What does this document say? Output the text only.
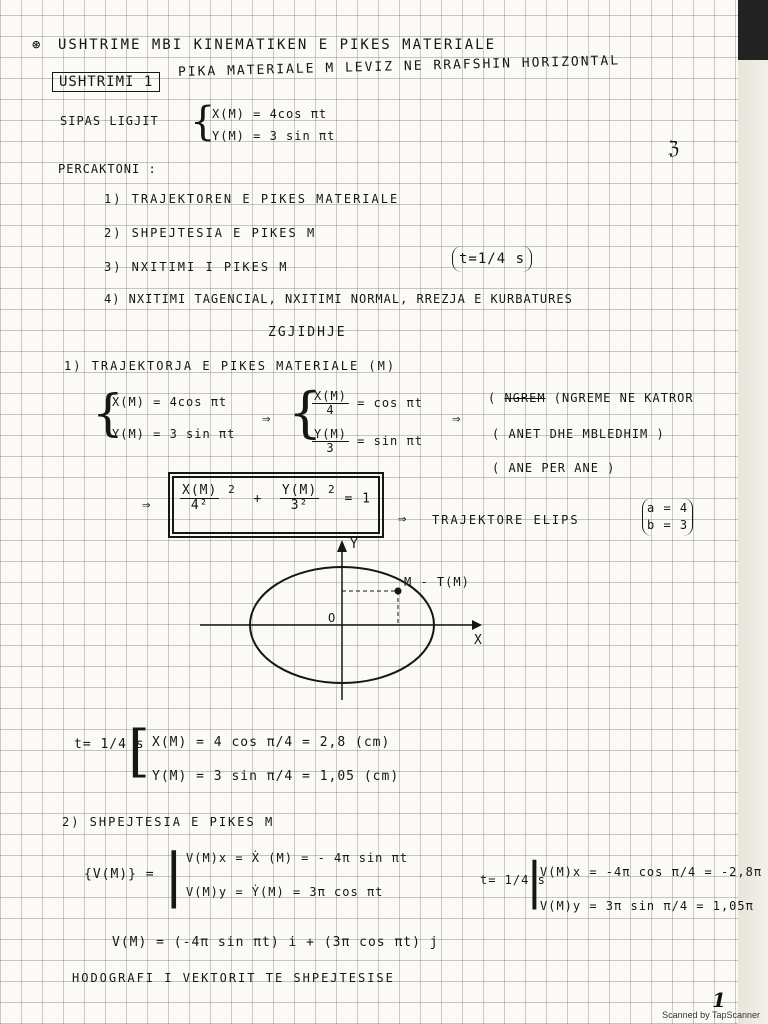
⊛ USHTRIME MBI KINEMATIKEN E PIKES MATERIALE
USHTRIMI 1
PIKA MATERIALE M LEVIZ NE RRAFSHIN HORIZONTAL
SIPAS LIGJIT {
X(M) = 4cos πt
Y(M) = 3 sin πt
ℨ
PERCAKTONI :
1) TRAJEKTOREN E PIKES MATERIALE
2) SHPEJTESIA E PIKES M
3) NXITIMI I PIKES M
4) NXITIMI TAGENCIAL, NXITIMI NORMAL, RREZJA E KURBATURES
t=1/4 s
ZGJIDHJE
1) TRAJEKTORJA E PIKES MATERIALE (M)
{
X(M) = 4cos πt
Y(M) = 3 sin πt
⇒ {
$\frac{X(M)}{4} = \cos \pi t$
$\frac{Y(M)}{3} = \sin \pi t$
⇒
( NGREM (NGREME NE KATROR
( ANET DHE MBLEDHIM )
( ANE PER ANE )
⇒ $\frac{X(M)}{\text{4²}} ^2 + \frac{Y(M)}{\text{3²}} ^2 = 1$
⇒ TRAJEKTORE ELIPS
a = 4
b = 3
Y
X
O
M - T(M)
t= 1/4 s
[ X(M) = 4 cos π/4 = 2,8 (cm)
Y(M) = 3 sin π/4 = 1,05 (cm)
2) SHPEJTESIA E PIKES M
{V(M)} = | V(M)x = Ẋ (M) = - 4π sin πt
V(M)y = Ẏ(M) = 3π cos πt
t= 1/4 s
|
V(M)x = -4π cos π/4 = -2,8π
V(M)y = 3π sin π/4 = 1,05π
V(M) = (-4π sin πt) i + (3π cos πt) j
HODOGRAFI I VEKTORIT TE SHPEJTESISE
1
Scanned by TapScanner
